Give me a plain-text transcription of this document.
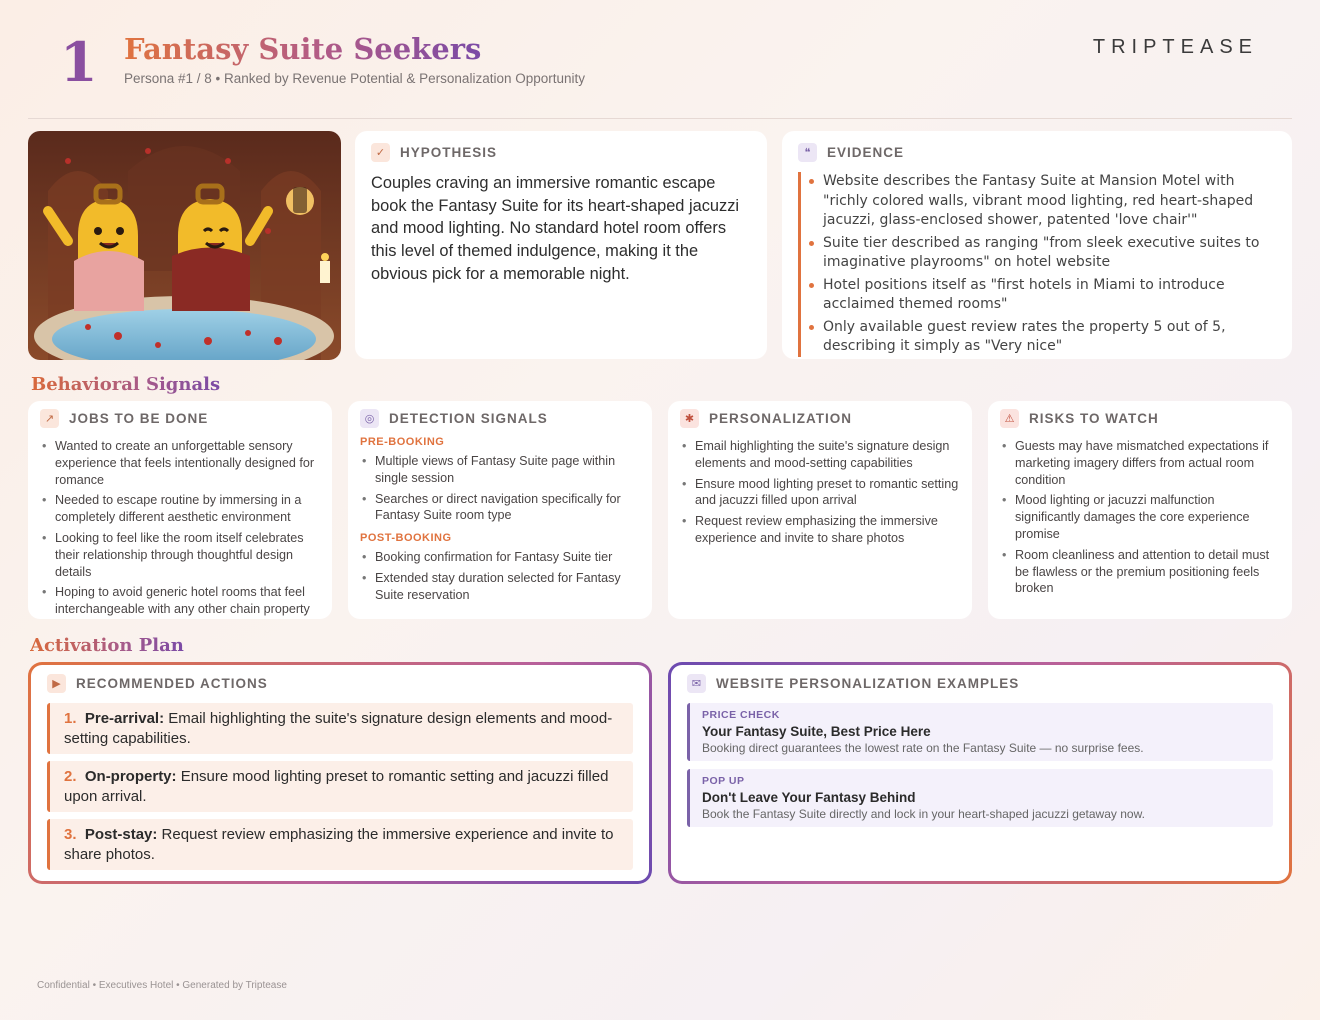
1 Fantasy Suite Seekers
Persona #1 / 8 • Ranked by Revenue Potential & Personalization Opportunity
TRIPTEASE
✓	HYPOTHESIS
Couples craving an immersive romantic escape book the Fantasy Suite for its heart-shaped jacuzzi and mood lighting. No standard hotel room offers this level of themed indulgence, making it the obvious pick for a memorable night.
❝	EVIDENCE
Website describes the Fantasy Suite at Mansion Motel with "richly colored walls, vibrant mood lighting, red heart-shaped jacuzzi, glass-enclosed shower, patented 'love chair'"
Suite tier described as ranging "from sleek executive suites to imaginative playrooms" on hotel website
Hotel positions itself as "first hotels in Miami to introduce acclaimed themed rooms"
Only available guest review rates the property 5 out of 5, describing it simply as "Very nice"
Behavioral Signals
↗	JOBS TO BE DONE
• Wanted to create an unforgettable sensory experience that feels intentionally designed for romance
• Needed to escape routine by immersing in a completely different aesthetic environment
• Looking to feel like the room itself celebrates their relationship through thoughtful design details
• Hoping to avoid generic hotel rooms that feel interchangeable with any other chain property
◎	DETECTION SIGNALS
PRE-BOOKING
• Multiple views of Fantasy Suite page within single session
• Searches or direct navigation specifically for Fantasy Suite room type
POST-BOOKING
• Booking confirmation for Fantasy Suite tier
• Extended stay duration selected for Fantasy Suite reservation
✱	PERSONALIZATION
• Email highlighting the suite's signature design elements and mood-setting capabilities
• Ensure mood lighting preset to romantic setting and jacuzzi filled upon arrival
• Request review emphasizing the immersive experience and invite to share photos
⚠	RISKS TO WATCH
• Guests may have mismatched expectations if marketing imagery differs from actual room condition
• Mood lighting or jacuzzi malfunction significantly damages the core experience promise
• Room cleanliness and attention to detail must be flawless or the premium positioning feels broken
Activation Plan
▶	RECOMMENDED ACTIONS
1. Pre-arrival: Email highlighting the suite's signature design elements and mood-setting capabilities.
2. On-property: Ensure mood lighting preset to romantic setting and jacuzzi filled upon arrival.
3. Post-stay: Request review emphasizing the immersive experience and invite to share photos.
✉	WEBSITE PERSONALIZATION EXAMPLES
PRICE CHECK
Your Fantasy Suite, Best Price Here
Booking direct guarantees the lowest rate on the Fantasy Suite — no surprise fees.
POP UP
Don't Leave Your Fantasy Behind
Book the Fantasy Suite directly and lock in your heart-shaped jacuzzi getaway now.
Confidential • Executives Hotel • Generated by Triptease
